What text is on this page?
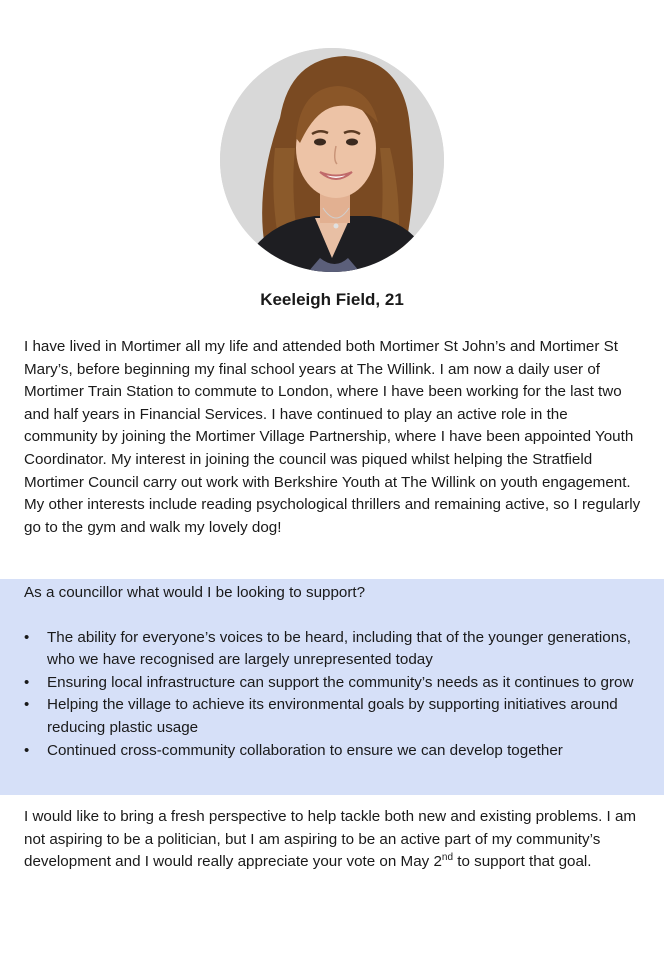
Keeleigh Field, 21

I have lived in Mortimer all my life and attended both Mortimer St John’s and Mortimer St Mary’s, before beginning my final school years at The Willink. I am now a daily user of Mortimer Train Station to commute to London, where I have been working for the last two and half years in Financial Services. I have continued to play an active role in the community by joining the Mortimer Village Partnership, where I have been appointed Youth Coordinator. My interest in joining the council was piqued whilst helping the Stratfield Mortimer Council carry out work with Berkshire Youth at The Willink on youth engagement. My other interests include reading psychological thrillers and remaining active, so I regularly go to the gym and walk my lovely dog!

As a councillor what would I be looking to support?

•	The ability for everyone’s voices to be heard, including that of the younger generations, who we have recognised are largely unrepresented today
•	Ensuring local infrastructure can support the community’s needs as it continues to grow
•	Helping the village to achieve its environmental goals by supporting initiatives around reducing plastic usage
•	Continued cross-community collaboration to ensure we can develop together

I would like to bring a fresh perspective to help tackle both new and existing problems. I am not aspiring to be a politician, but I am aspiring to be an active part of my community’s development and I would really appreciate your vote on May 2nd to support that goal.
